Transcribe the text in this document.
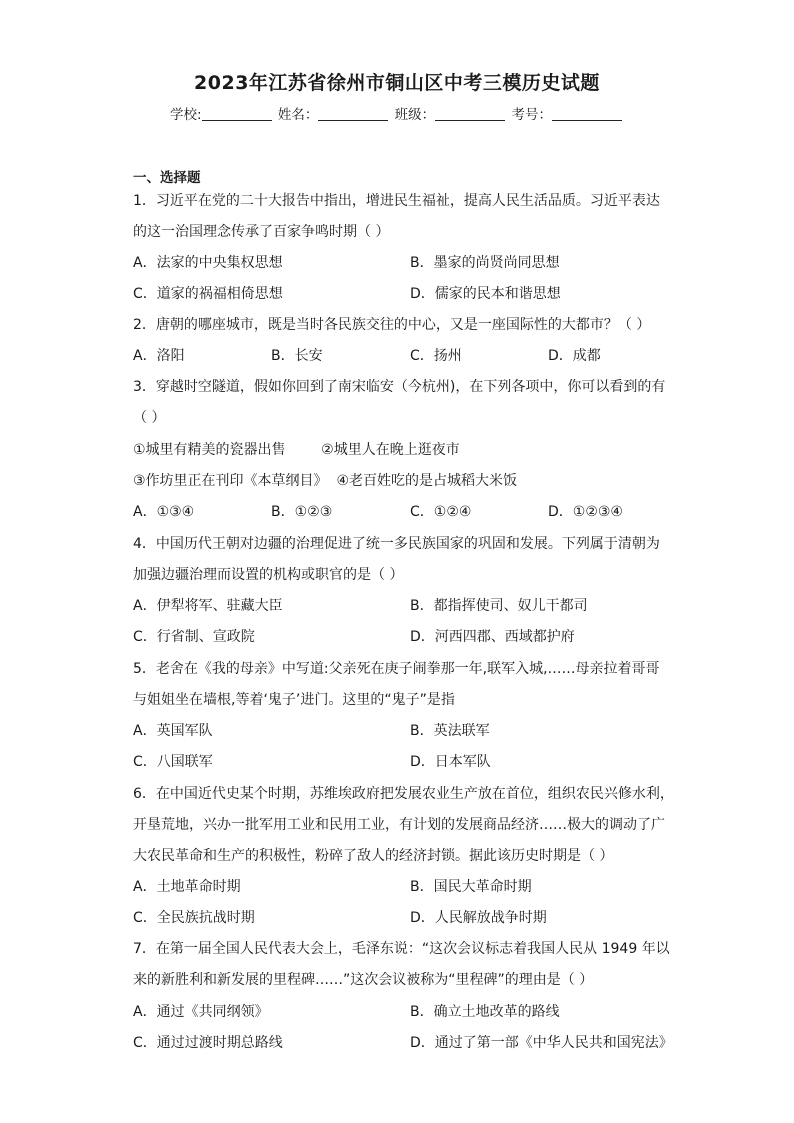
2023年江苏省徐州市铜山区中考三模历史试题
学校:	姓名：	班级：	考号：
一、选择题
1．习近平在党的二十大报告中指出，增进民生福祉，提高人民生活品质。习近平表达
的这一治国理念传承了百家争鸣时期（ ）
A．法家的中央集权思想	B．墨家的尚贤尚同思想
C．道家的祸福相倚思想	D．儒家的民本和谐思想
2．唐朝的哪座城市，既是当时各民族交往的中心，又是一座国际性的大都市？（ ）
A．洛阳	B．长安	C．扬州	D．成都
3．穿越时空隧道，假如你回到了南宋临安（今杭州)，在下列各项中，你可以看到的有
（ ）
①城里有精美的瓷器出售        ②城里人在晚上逛夜市
③作坊里正在刊印《本草纲目》  ④老百姓吃的是占城稻大米饭
A．①③④	B．①②③	C．①②④	D．①②③④
4．中国历代王朝对边疆的治理促进了统一多民族国家的巩固和发展。下列属于清朝为
加强边疆治理而设置的机构或职官的是（ ）
A．伊犁将军、驻藏大臣	B．都指挥使司、奴儿干都司
C．行省制、宣政院	D．河西四郡、西域都护府
5．老舍在《我的母亲》中写道:父亲死在庚子闹拳那一年,联军入城,……母亲拉着哥哥
与姐姐坐在墙根,等着‘鬼子’进门。这里的“鬼子”是指
A．英国军队	B．英法联军
C．八国联军	D．日本军队
6．在中国近代史某个时期，苏维埃政府把发展农业生产放在首位，组织农民兴修水利，
开垦荒地，兴办一批军用工业和民用工业，有计划的发展商品经济……极大的调动了广
大农民革命和生产的积极性，粉碎了敌人的经济封锁。据此该历史时期是（ ）
A．土地革命时期	B．国民大革命时期
C．全民族抗战时期	D．人民解放战争时期
7．在第一届全国人民代表大会上，毛泽东说：“这次会议标志着我国人民从 1949 年以
来的新胜利和新发展的里程碑……”这次会议被称为“里程碑”的理由是（ ）
A．通过《共同纲领》	B．确立土地改革的路线
C．通过过渡时期总路线	D．通过了第一部《中华人民共和国宪法》
